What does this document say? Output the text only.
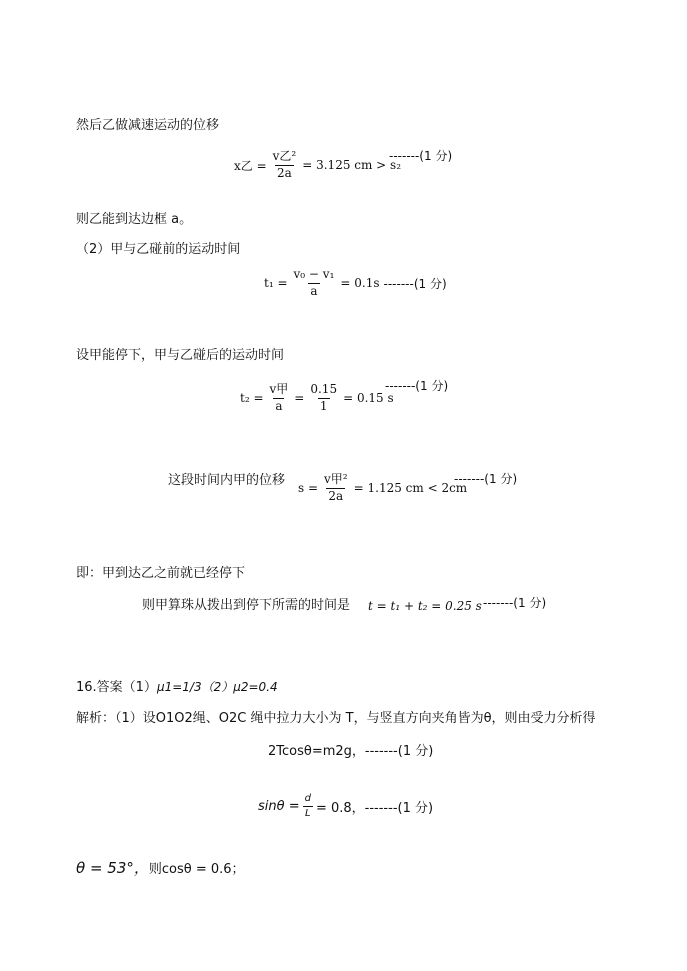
然后乙做减速运动的位移
x乙 = $\frac{\text{v乙²}}{2a} = 3.125$ cm > s₂
-------(1 分)
则乙能到达边框 a。
（2）甲与乙碰前的运动时间
$t_1 = \frac{\text{v₀ − v₁}}{a} = 0.1s$ -------(1 分)
设甲能停下，甲与乙碰后的运动时间
$t_2 = \frac{\text{v甲}}{a} = \frac{0.15}{1} = 0.15$ s
-------(1 分)
这段时间内甲的位移
$s = \frac{\text{v甲²}}{2a} = 1.125$ cm < 2cm
-------(1 分)
即：甲到达乙之前就已经停下
则甲算珠从拨出到停下所需的时间是 t = t₁ + t₂ = 0.25 s -------(1 分)
16.答案（1）μ1=1/3（2）μ2=0.4
解析：（1）设O1O2绳、O2C 绳中拉力大小为 T，与竖直方向夹角皆为θ，则由受力分析得
2Tcosθ=m2g，-------(1 分)
$\sin\theta = \frac{d}{L} = 0.8$，-------(1 分)
θ = 53°，则cosθ = 0.6；
